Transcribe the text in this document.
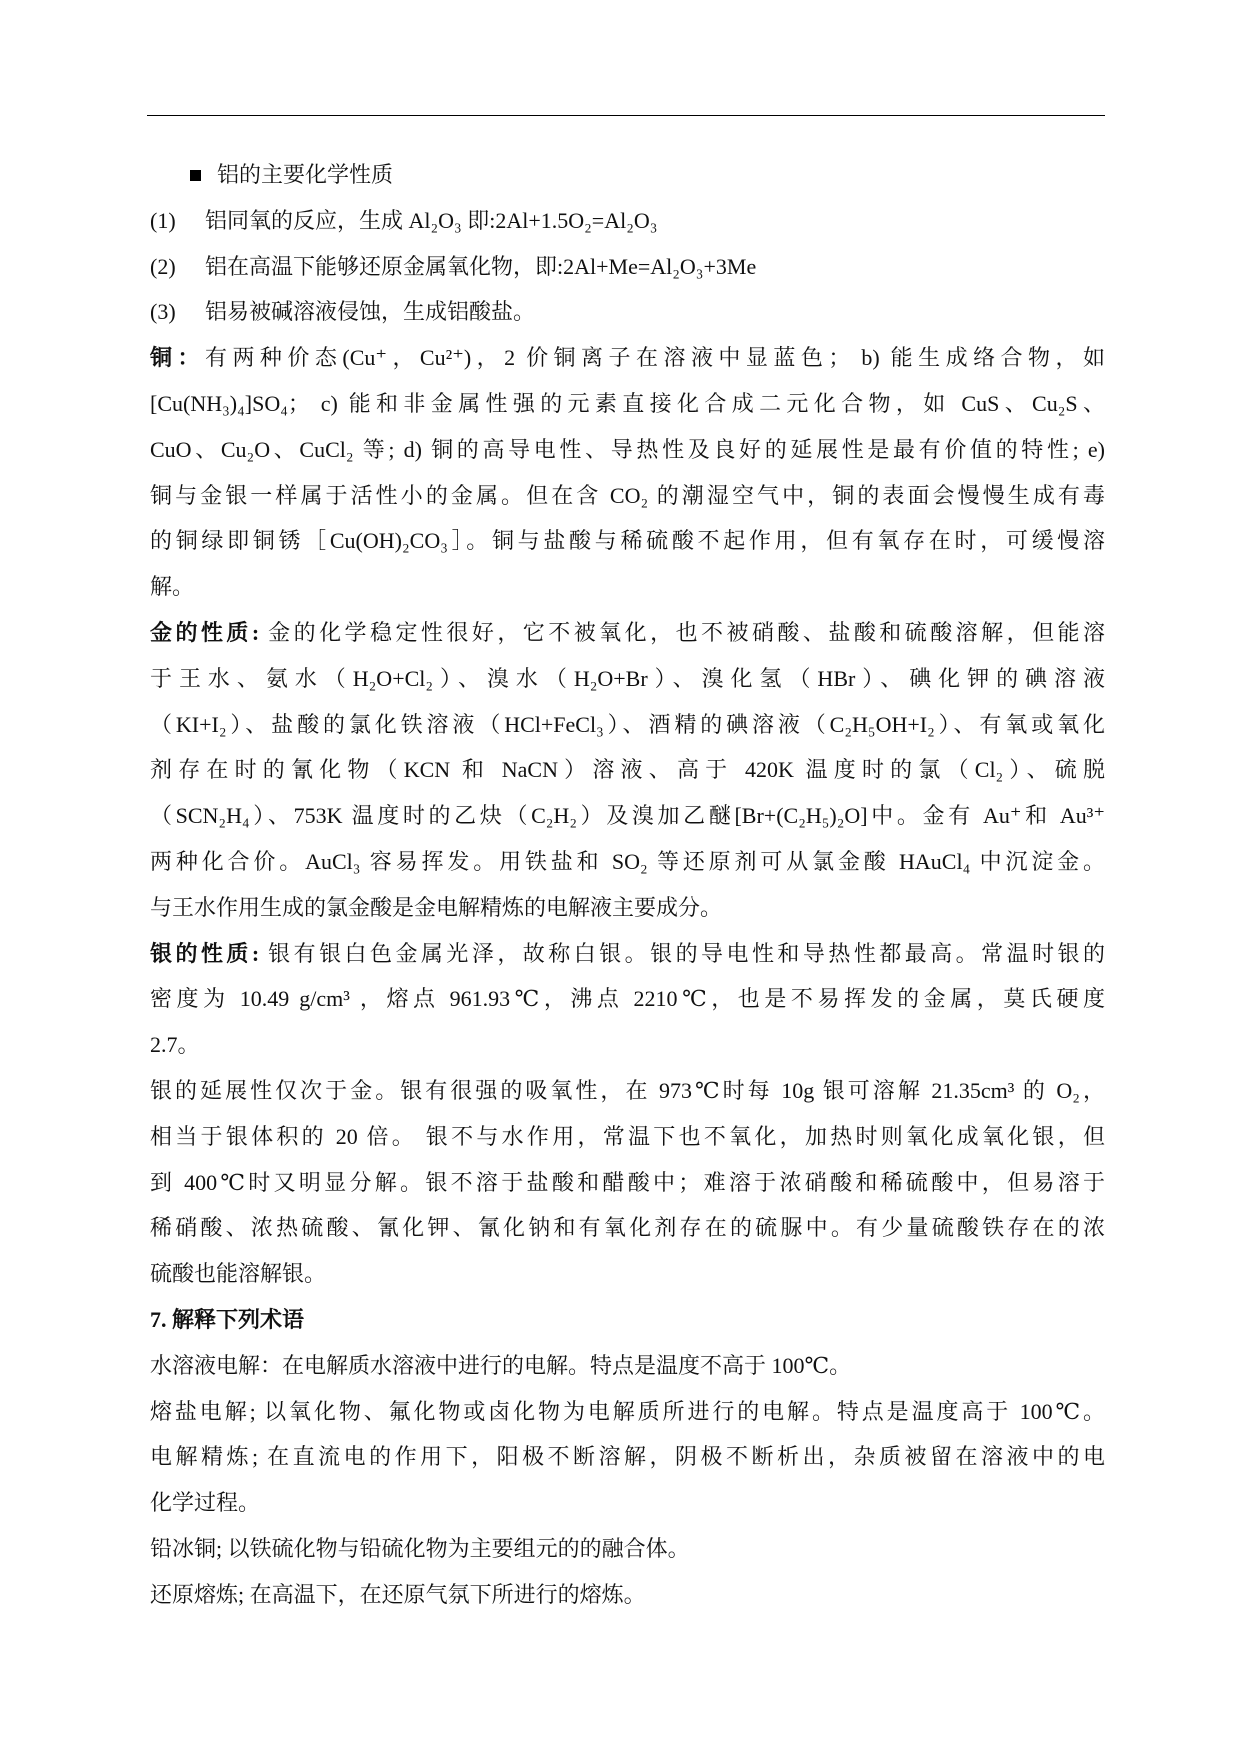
铝的主要化学性质
(1) 铝同氧的反应，生成 Al₂O₃ 即:2Al+1.5O₂=Al₂O₃
(2) 铝在高温下能够还原金属氧化物，即:2Al+Me=Al₂O₃+3Me
(3) 铝易被碱溶液侵蚀，生成铝酸盐。
铜：有两种价态(Cu⁺，Cu²⁺)，2 价铜离子在溶液中显蓝色； b) 能生成络合物，如
[Cu(NH₃)₄]SO₄； c) 能和非金属性强的元素直接化合成二元化合物，如 CuS、Cu₂S、
CuO、Cu₂O、CuCl₂ 等; d) 铜的高导电性、导热性及良好的延展性是最有价值的特性; e)
铜与金银一样属于活性小的金属。但在含 CO₂ 的潮湿空气中，铜的表面会慢慢生成有毒
的铜绿即铜锈［Cu(OH)₂CO₃］。铜与盐酸与稀硫酸不起作用，但有氧存在时，可缓慢溶
解。
金的性质: 金的化学稳定性很好，它不被氧化，也不被硝酸、盐酸和硫酸溶解，但能溶
于王水、氨水（H₂O+Cl₂）、溴水（H₂O+Br）、溴化氢（HBr）、碘化钾的碘溶液
（KI+I₂）、盐酸的氯化铁溶液（HCl+FeCl₃）、酒精的碘溶液（C₂H₅OH+I₂）、有氧或氧化
剂存在时的氰化物（KCN 和 NaCN）溶液、高于 420K 温度时的氯（Cl₂）、硫脱
（SCN₂H₄）、753K 温度时的乙炔（C₂H₂）及溴加乙醚[Br+(C₂H₅)₂O]中。金有 Au⁺和 Au³⁺
两种化合价。AuCl₃ 容易挥发。用铁盐和 SO₂ 等还原剂可从氯金酸 HAuCl₄ 中沉淀金。
与王水作用生成的氯金酸是金电解精炼的电解液主要成分。
银的性质: 银有银白色金属光泽，故称白银。银的导电性和导热性都最高。常温时银的
密度为 10.49 g/cm³ ，熔点 961.93℃，沸点 2210℃，也是不易挥发的金属，莫氏硬度
2.7。
银的延展性仅次于金。银有很强的吸氧性，在 973℃时每 10g 银可溶解 21.35cm³ 的 O₂，
相当于银体积的 20 倍。 银不与水作用，常温下也不氧化，加热时则氧化成氧化银，但
到 400℃时又明显分解。银不溶于盐酸和醋酸中；难溶于浓硝酸和稀硫酸中，但易溶于
稀硝酸、浓热硫酸、氰化钾、氰化钠和有氧化剂存在的硫脲中。有少量硫酸铁存在的浓
硫酸也能溶解银。
7. 解释下列术语
水溶液电解：在电解质水溶液中进行的电解。特点是温度不高于 100℃。
熔盐电解; 以氧化物、氟化物或卤化物为电解质所进行的电解。特点是温度高于 100℃。
电解精炼; 在直流电的作用下，阳极不断溶解，阴极不断析出，杂质被留在溶液中的电
化学过程。
铅冰铜; 以铁硫化物与铅硫化物为主要组元的的融合体。
还原熔炼; 在高温下，在还原气氛下所进行的熔炼。
